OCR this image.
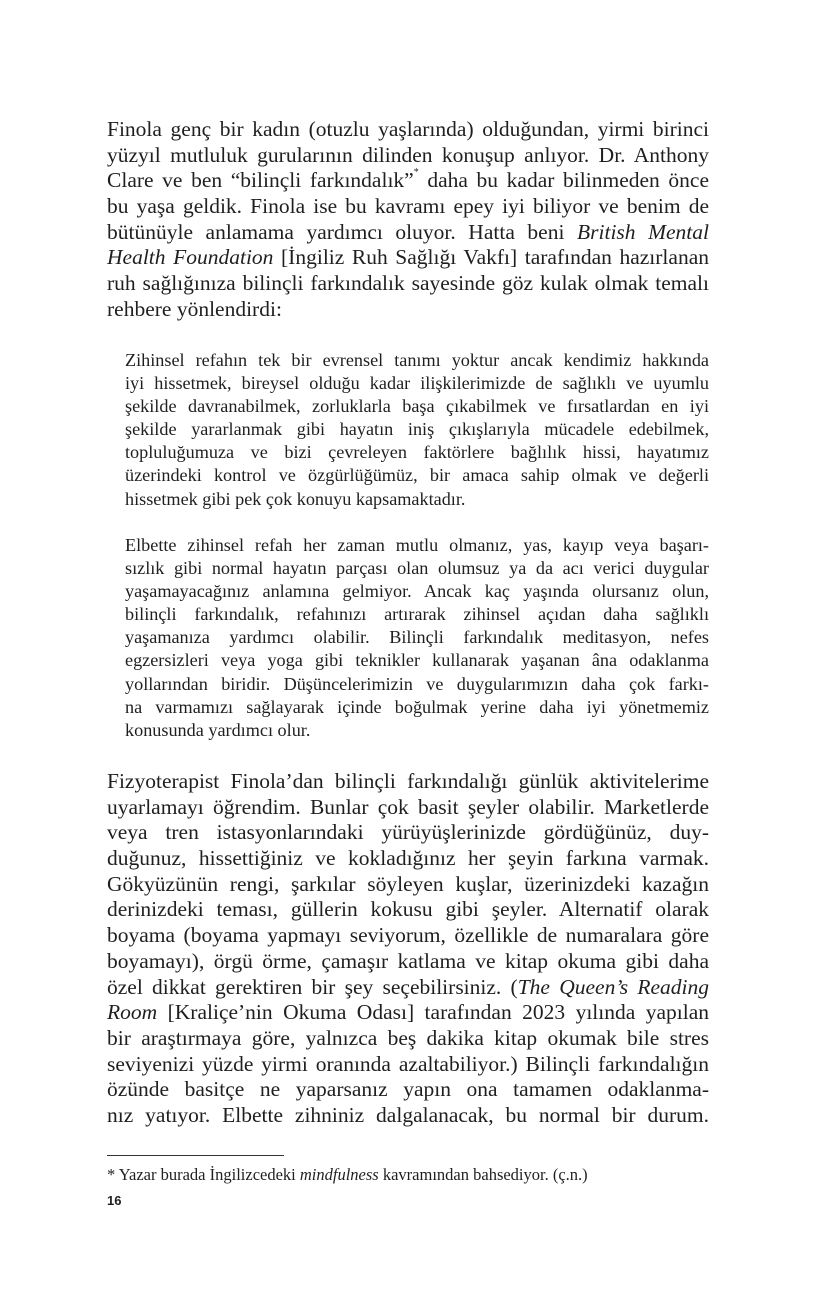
Finola genç bir kadın (otuzlu yaşlarında) olduğundan, yirmi birinci
yüzyıl mutluluk gurularının dilinden konuşup anlıyor. Dr. Anthony
Clare ve ben “bilinçli farkındalık”* daha bu kadar bilinmeden önce
bu yaşa geldik. Finola ise bu kavramı epey iyi biliyor ve benim de
bütünüyle anlamama yardımcı oluyor. Hatta beni British Mental
Health Foundation [İngiliz Ruh Sağlığı Vakfı] tarafından hazırlanan
ruh sağlığınıza bilinçli farkındalık sayesinde göz kulak olmak temalı
rehbere yönlendirdi:
Zihinsel refahın tek bir evrensel tanımı yoktur ancak kendimiz hakkında
iyi hissetmek, bireysel olduğu kadar ilişkilerimizde de sağlıklı ve uyumlu
şekilde davranabilmek, zorluklarla başa çıkabilmek ve fırsatlardan en iyi
şekilde yararlanmak gibi hayatın iniş çıkışlarıyla mücadele edebilmek,
topluluğumuza ve bizi çevreleyen faktörlere bağlılık hissi, hayatımız
üzerindeki kontrol ve özgürlüğümüz, bir amaca sahip olmak ve değerli
hissetmek gibi pek çok konuyu kapsamaktadır.
Elbette zihinsel refah her zaman mutlu olmanız, yas, kayıp veya başarı-
sızlık gibi normal hayatın parçası olan olumsuz ya da acı verici duygular
yaşamayacağınız anlamına gelmiyor. Ancak kaç yaşında olursanız olun,
bilinçli farkındalık, refahınızı artırarak zihinsel açıdan daha sağlıklı
yaşamanıza yardımcı olabilir. Bilinçli farkındalık meditasyon, nefes
egzersizleri veya yoga gibi teknikler kullanarak yaşanan âna odaklanma
yollarından biridir. Düşüncelerimizin ve duygularımızın daha çok farkı-
na varmamızı sağlayarak içinde boğulmak yerine daha iyi yönetmemiz
konusunda yardımcı olur.
Fizyoterapist Finola’dan bilinçli farkındalığı günlük aktivitelerime
uyarlamayı öğrendim. Bunlar çok basit şeyler olabilir. Marketlerde
veya tren istasyonlarındaki yürüyüşlerinizde gördüğünüz, duy-
duğunuz, hissettiğiniz ve kokladığınız her şeyin farkına varmak.
Gökyüzünün rengi, şarkılar söyleyen kuşlar, üzerinizdeki kazağın
derinizdeki teması, güllerin kokusu gibi şeyler. Alternatif olarak
boyama (boyama yapmayı seviyorum, özellikle de numaralara göre
boyamayı), örgü örme, çamaşır katlama ve kitap okuma gibi daha
özel dikkat gerektiren bir şey seçebilirsiniz. (The Queen’s Reading
Room [Kraliçe’nin Okuma Odası] tarafından 2023 yılında yapılan
bir araştırmaya göre, yalnızca beş dakika kitap okumak bile stres
seviyenizi yüzde yirmi oranında azaltabiliyor.) Bilinçli farkındalığın
özünde basitçe ne yaparsanız yapın ona tamamen odaklanma-
nız yatıyor. Elbette zihniniz dalgalanacak, bu normal bir durum.
* Yazar burada İngilizcedeki mindfulness kavramından bahsediyor. (ç.n.)
16
